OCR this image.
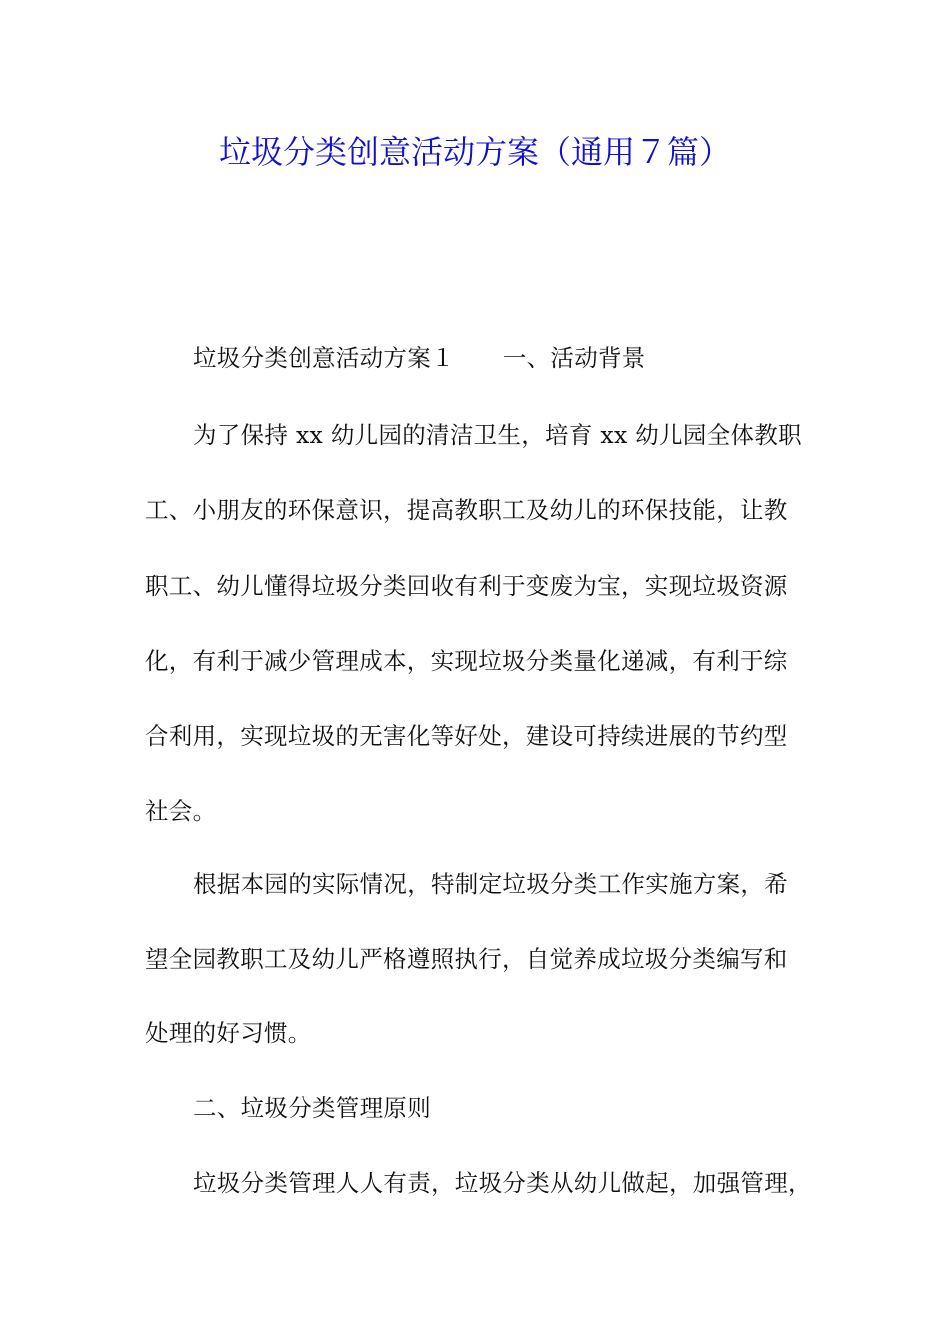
垃圾分类创意活动方案（通用７篇）
垃圾分类创意活动方案１ 一、活动背景
为了保持 xx 幼儿园的清洁卫生，培育 xx 幼儿园全体教职
工、小朋友的环保意识，提高教职工及幼儿的环保技能，让教
职工、幼儿懂得垃圾分类回收有利于变废为宝，实现垃圾资源
化，有利于减少管理成本，实现垃圾分类量化递减，有利于综
合利用，实现垃圾的无害化等好处，建设可持续进展的节约型
社会。
根据本园的实际情况，特制定垃圾分类工作实施方案，希
望全园教职工及幼儿严格遵照执行，自觉养成垃圾分类编写和
处理的好习惯。
二、垃圾分类管理原则
垃圾分类管理人人有责，垃圾分类从幼儿做起，加强管理，
